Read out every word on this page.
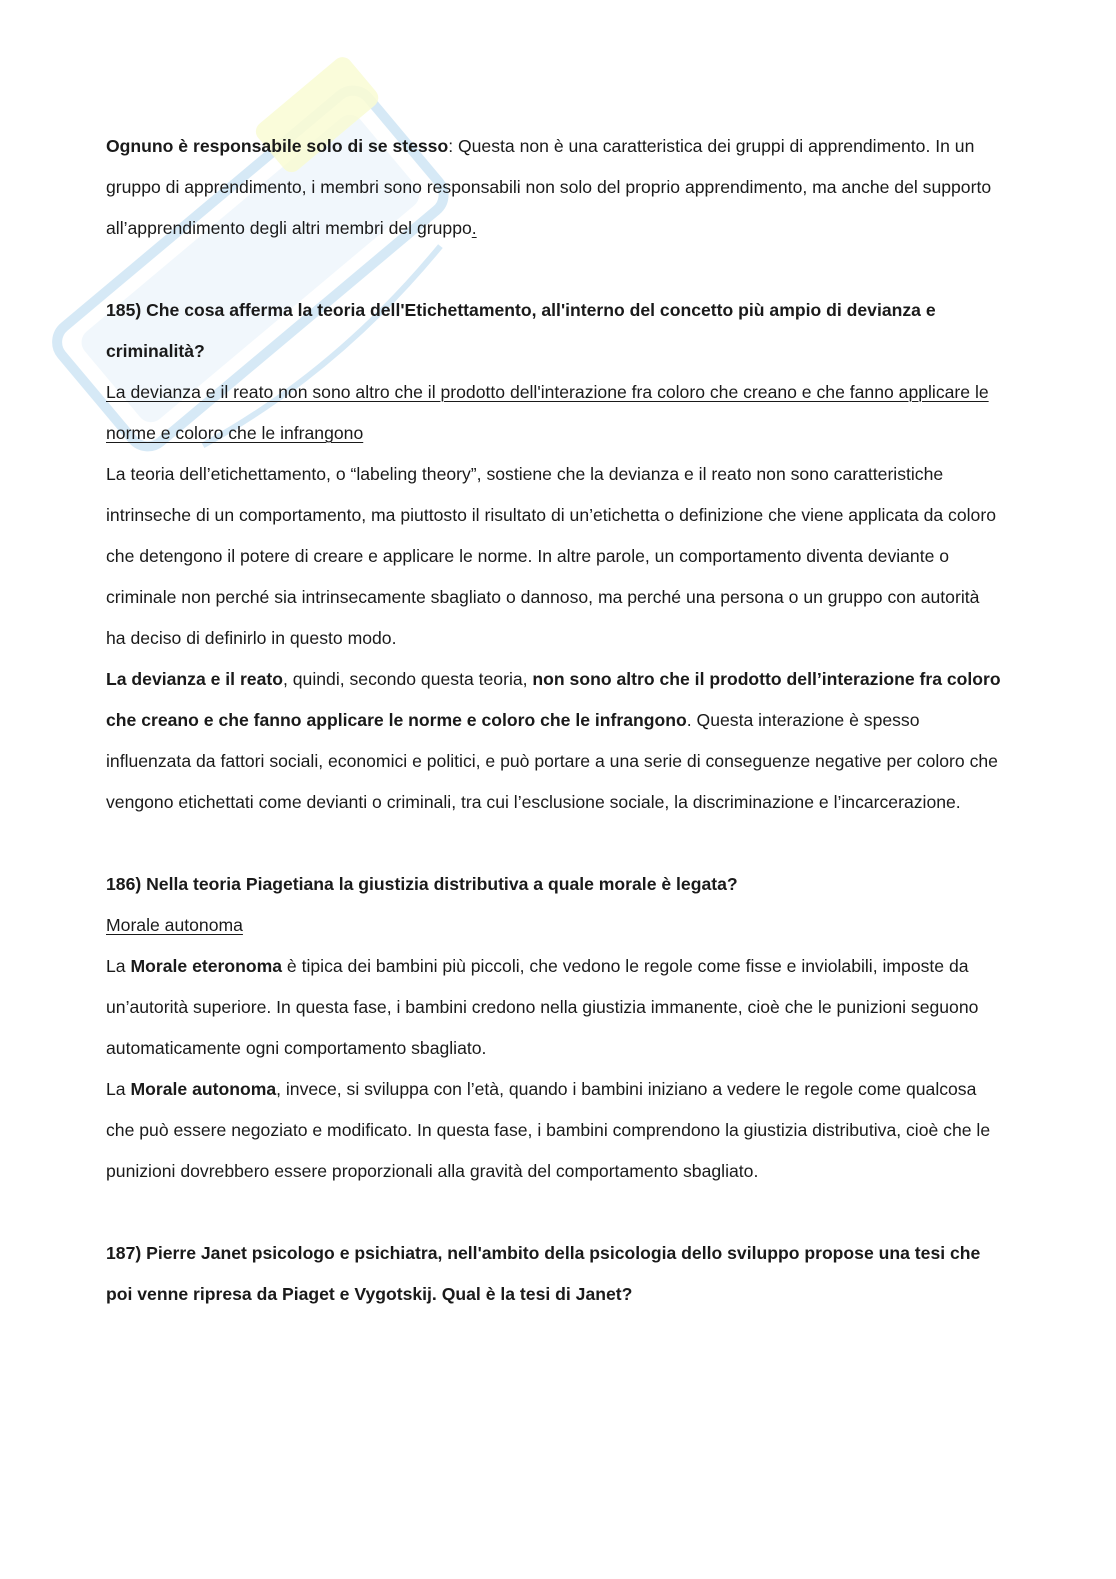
Ognuno è responsabile solo di se stesso: Questa non è una caratteristica dei gruppi di apprendimento. In un gruppo di apprendimento, i membri sono responsabili non solo del proprio apprendimento, ma anche del supporto all’apprendimento degli altri membri del gruppo.

185) Che cosa afferma la teoria dell'Etichettamento, all'interno del concetto più ampio di devianza e criminalità?

La devianza e il reato non sono altro che il prodotto dell'interazione fra coloro che creano e che fanno applicare le norme e coloro che le infrangono

La teoria dell’etichettamento, o “labeling theory”, sostiene che la devianza e il reato non sono caratteristiche intrinseche di un comportamento, ma piuttosto il risultato di un’etichetta o definizione che viene applicata da coloro che detengono il potere di creare e applicare le norme. In altre parole, un comportamento diventa deviante o criminale non perché sia intrinsecamente sbagliato o dannoso, ma perché una persona o un gruppo con autorità ha deciso di definirlo in questo modo.

La devianza e il reato, quindi, secondo questa teoria, non sono altro che il prodotto dell’interazione fra coloro che creano e che fanno applicare le norme e coloro che le infrangono. Questa interazione è spesso influenzata da fattori sociali, economici e politici, e può portare a una serie di conseguenze negative per coloro che vengono etichettati come devianti o criminali, tra cui l’esclusione sociale, la discriminazione e l’incarcerazione.

186) Nella teoria Piagetiana la giustizia distributiva a quale morale è legata?

Morale autonoma

La Morale eteronoma è tipica dei bambini più piccoli, che vedono le regole come fisse e inviolabili, imposte da un’autorità superiore. In questa fase, i bambini credono nella giustizia immanente, cioè che le punizioni seguono automaticamente ogni comportamento sbagliato.

La Morale autonoma, invece, si sviluppa con l’età, quando i bambini iniziano a vedere le regole come qualcosa che può essere negoziato e modificato. In questa fase, i bambini comprendono la giustizia distributiva, cioè che le punizioni dovrebbero essere proporzionali alla gravità del comportamento sbagliato.

187) Pierre Janet psicologo e psichiatra, nell'ambito della psicologia dello sviluppo propose una tesi che poi venne ripresa da Piaget e Vygotskij. Qual è la tesi di Janet?
